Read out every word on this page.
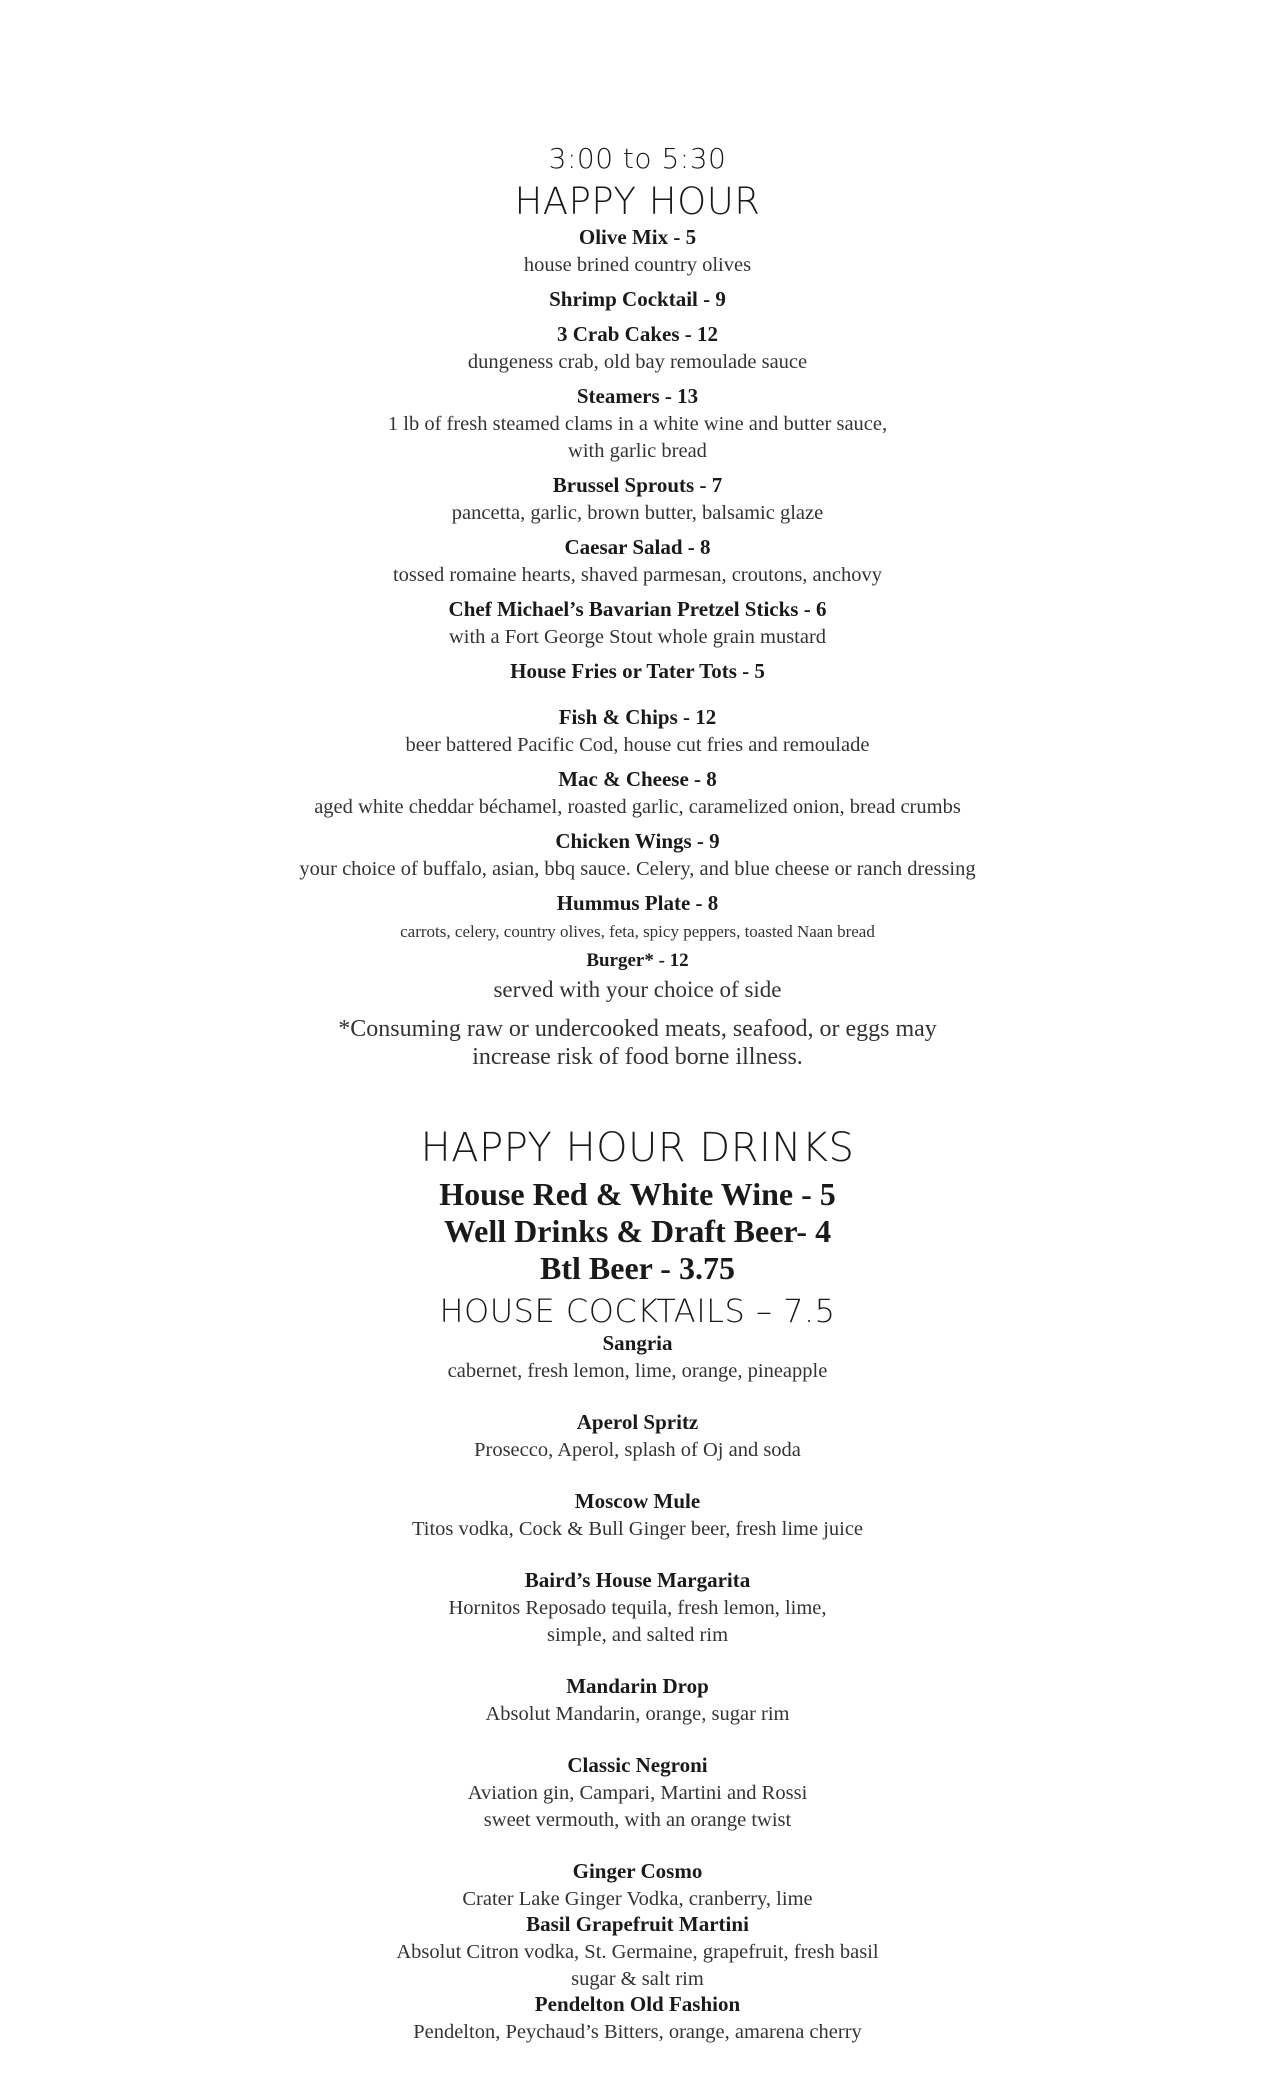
3:00 to 5:30
HAPPY HOUR
Olive Mix - 5
house brined country olives
Shrimp Cocktail - 9
3 Crab Cakes - 12
dungeness crab, old bay remoulade sauce
Steamers - 13
1 lb of fresh steamed clams in a white wine and butter sauce,
with garlic bread
Brussel Sprouts - 7
pancetta, garlic, brown butter, balsamic glaze
Caesar Salad - 8
tossed romaine hearts, shaved parmesan, croutons, anchovy
Chef Michael’s Bavarian Pretzel Sticks - 6
with a Fort George Stout whole grain mustard
House Fries or Tater Tots - 5
Fish & Chips - 12
beer battered Pacific Cod, house cut fries and remoulade
Mac & Cheese - 8
aged white cheddar béchamel, roasted garlic, caramelized onion, bread crumbs
Chicken Wings - 9
your choice of buffalo, asian, bbq sauce. Celery, and blue cheese or ranch dressing
Hummus Plate - 8
carrots, celery, country olives, feta, spicy peppers, toasted Naan bread
Burger* - 12
served with your choice of side
*Consuming raw or undercooked meats, seafood, or eggs may
increase risk of food borne illness.
HAPPY HOUR DRINKS
House Red & White Wine - 5
Well Drinks & Draft Beer- 4
Btl Beer - 3.75
HOUSE COCKTAILS – 7.5
Sangria
cabernet, fresh lemon, lime, orange, pineapple
Aperol Spritz
Prosecco, Aperol, splash of Oj and soda
Moscow Mule
Titos vodka, Cock & Bull Ginger beer, fresh lime juice
Baird’s House Margarita
Hornitos Reposado tequila, fresh lemon, lime,
simple, and salted rim
Mandarin Drop
Absolut Mandarin, orange, sugar rim
Classic Negroni
Aviation gin, Campari, Martini and Rossi
sweet vermouth, with an orange twist
Ginger Cosmo
Crater Lake Ginger Vodka, cranberry, lime
Basil Grapefruit Martini
Absolut Citron vodka, St. Germaine, grapefruit, fresh basil
sugar & salt rim
Pendelton Old Fashion
Pendelton, Peychaud’s Bitters, orange, amarena cherry
